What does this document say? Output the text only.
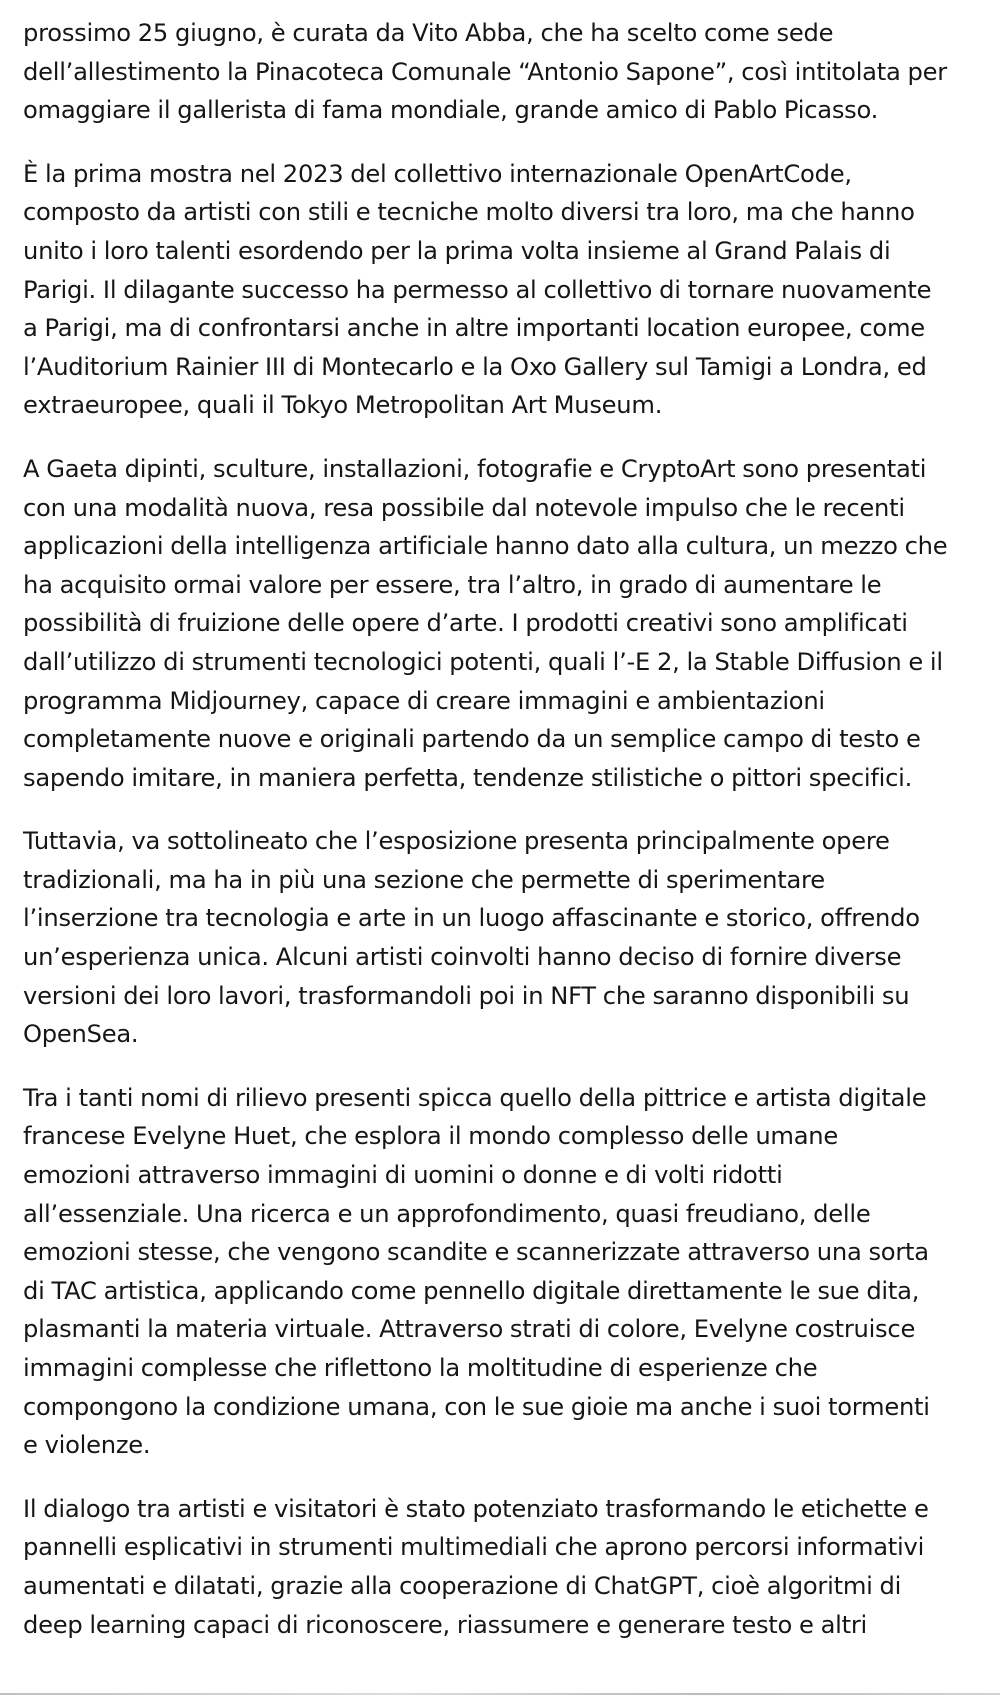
prossimo 25 giugno, è curata da Vito Abba, che ha scelto come sede
dell’allestimento la Pinacoteca Comunale “Antonio Sapone”, così intitolata per
omaggiare il gallerista di fama mondiale, grande amico di Pablo Picasso.

È la prima mostra nel 2023 del collettivo internazionale OpenArtCode,
composto da artisti con stili e tecniche molto diversi tra loro, ma che hanno
unito i loro talenti esordendo per la prima volta insieme al Grand Palais di
Parigi. Il dilagante successo ha permesso al collettivo di tornare nuovamente
a Parigi, ma di confrontarsi anche in altre importanti location europee, come
l’Auditorium Rainier III di Montecarlo e la Oxo Gallery sul Tamigi a Londra, ed
extraeuropee, quali il Tokyo Metropolitan Art Museum.

A Gaeta dipinti, sculture, installazioni, fotografie e CryptoArt sono presentati
con una modalità nuova, resa possibile dal notevole impulso che le recenti
applicazioni della intelligenza artificiale hanno dato alla cultura, un mezzo che
ha acquisito ormai valore per essere, tra l’altro, in grado di aumentare le
possibilità di fruizione delle opere d’arte. I prodotti creativi sono amplificati
dall’utilizzo di strumenti tecnologici potenti, quali l’-E 2, la Stable Diffusion e il
programma Midjourney, capace di creare immagini e ambientazioni
completamente nuove e originali partendo da un semplice campo di testo e
sapendo imitare, in maniera perfetta, tendenze stilistiche o pittori specifici.

Tuttavia, va sottolineato che l’esposizione presenta principalmente opere
tradizionali, ma ha in più una sezione che permette di sperimentare
l’inserzione tra tecnologia e arte in un luogo affascinante e storico, offrendo
un’esperienza unica. Alcuni artisti coinvolti hanno deciso di fornire diverse
versioni dei loro lavori, trasformandoli poi in NFT che saranno disponibili su
OpenSea.

Tra i tanti nomi di rilievo presenti spicca quello della pittrice e artista digitale
francese Evelyne Huet, che esplora il mondo complesso delle umane
emozioni attraverso immagini di uomini o donne e di volti ridotti
all’essenziale. Una ricerca e un approfondimento, quasi freudiano, delle
emozioni stesse, che vengono scandite e scannerizzate attraverso una sorta
di TAC artistica, applicando come pennello digitale direttamente le sue dita,
plasmanti la materia virtuale. Attraverso strati di colore, Evelyne costruisce
immagini complesse che riflettono la moltitudine di esperienze che
compongono la condizione umana, con le sue gioie ma anche i suoi tormenti
e violenze.

Il dialogo tra artisti e visitatori è stato potenziato trasformando le etichette e
pannelli esplicativi in strumenti multimediali che aprono percorsi informativi
aumentati e dilatati, grazie alla cooperazione di ChatGPT, cioè algoritmi di
deep learning capaci di riconoscere, riassumere e generare testo e altri
